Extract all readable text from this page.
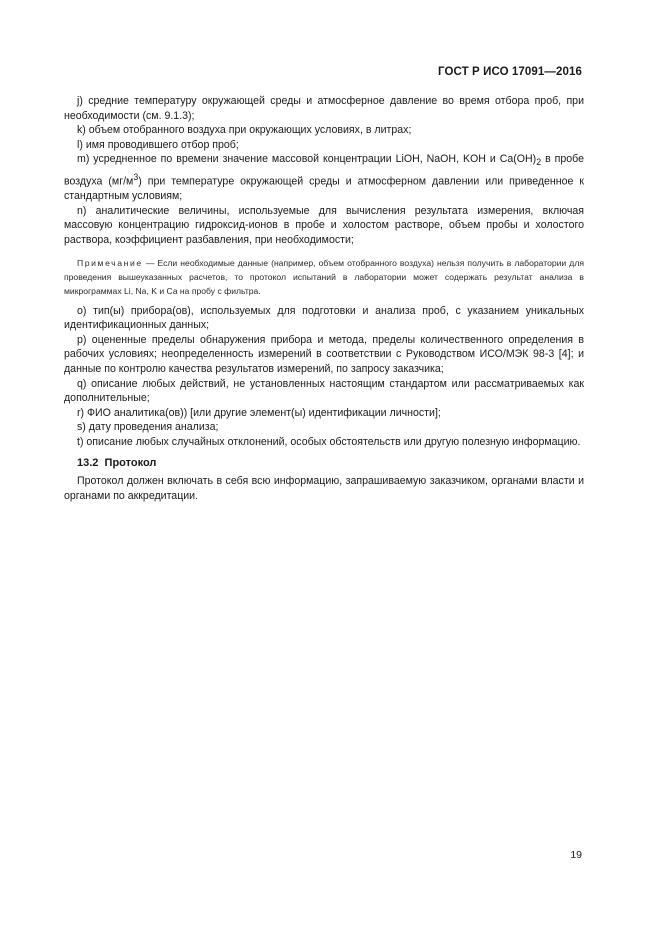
ГОСТ Р ИСО 17091—2016

j) средние температуру окружающей среды и атмосферное давление во время отбора проб, при необходимости (см. 9.1.3);

k) объем отобранного воздуха при окружающих условиях, в литрах;

l) имя проводившего отбор проб;

m) усредненное по времени значение массовой концентрации LiOH, NaOH, KOH и $Ca(OH)_2$ в пробе воздуха $(мг/м^3)$ при температуре окружающей среды и атмосферном давлении или приведенное к стандартным условиям;

n) аналитические величины, используемые для вычисления результата измерения, включая массовую концентрацию гидроксид-ионов в пробе и холостом растворе, объем пробы и холостого раствора, коэффициент разбавления, при необходимости;

Примечание — Если необходимые данные (например, объем отобранного воздуха) нельзя получить в лаборатории для проведения вышеуказанных расчетов, то протокол испытаний в лаборатории может содержать результат анализа в микрограммах Li, Na, K и Ca на пробу с фильтра.

o) тип(ы) прибора(ов), используемых для подготовки и анализа проб, с указанием уникальных идентификационных данных;

p) оцененные пределы обнаружения прибора и метода, пределы количественного определения в рабочих условиях; неопределенность измерений в соответствии с Руководством ИСО/МЭК 98-3 [4]; и данные по контролю качества результатов измерений, по запросу заказчика;

q) описание любых действий, не установленных настоящим стандартом или рассматриваемых как дополнительные;

r) ФИО аналитика(ов)) [или другие элемент(ы) идентификации личности];

s) дату проведения анализа;

t) описание любых случайных отклонений, особых обстоятельств или другую полезную информацию.

13.2 Протокол

Протокол должен включать в себя всю информацию, запрашиваемую заказчиком, органами власти и органами по аккредитации.

19
